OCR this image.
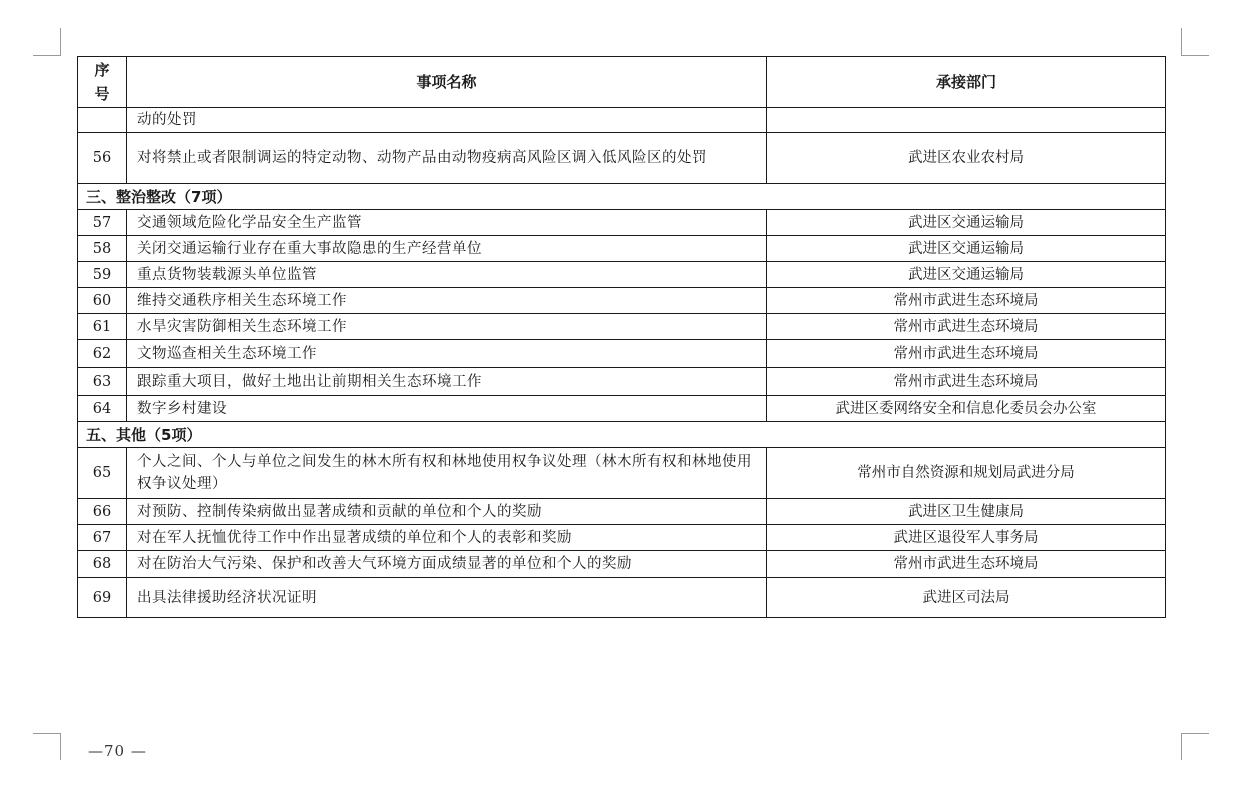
序号	事项名称	承接部门
	动的处罚	
56	对将禁止或者限制调运的特定动物、动物产品由动物疫病高风险区调入低风险区的处罚	武进区农业农村局
三、整治整改（7项）		
57	交通领域危险化学品安全生产监管	武进区交通运输局
58	关闭交通运输行业存在重大事故隐患的生产经营单位	武进区交通运输局
59	重点货物装载源头单位监管	武进区交通运输局
60	维持交通秩序相关生态环境工作	常州市武进生态环境局
61	水旱灾害防御相关生态环境工作	常州市武进生态环境局
62	文物巡查相关生态环境工作	常州市武进生态环境局
63	跟踪重大项目，做好土地出让前期相关生态环境工作	常州市武进生态环境局
64	数字乡村建设	武进区委网络安全和信息化委员会办公室
五、其他（5项）		
65	个人之间、个人与单位之间发生的林木所有权和林地使用权争议处理（林木所有权和林地使用权争议处理）	常州市自然资源和规划局武进分局
66	对预防、控制传染病做出显著成绩和贡献的单位和个人的奖励	武进区卫生健康局
67	对在军人抚恤优待工作中作出显著成绩的单位和个人的表彰和奖励	武进区退役军人事务局
68	对在防治大气污染、保护和改善大气环境方面成绩显著的单位和个人的奖励	常州市武进生态环境局
69	出具法律援助经济状况证明	武进区司法局
—70 —
